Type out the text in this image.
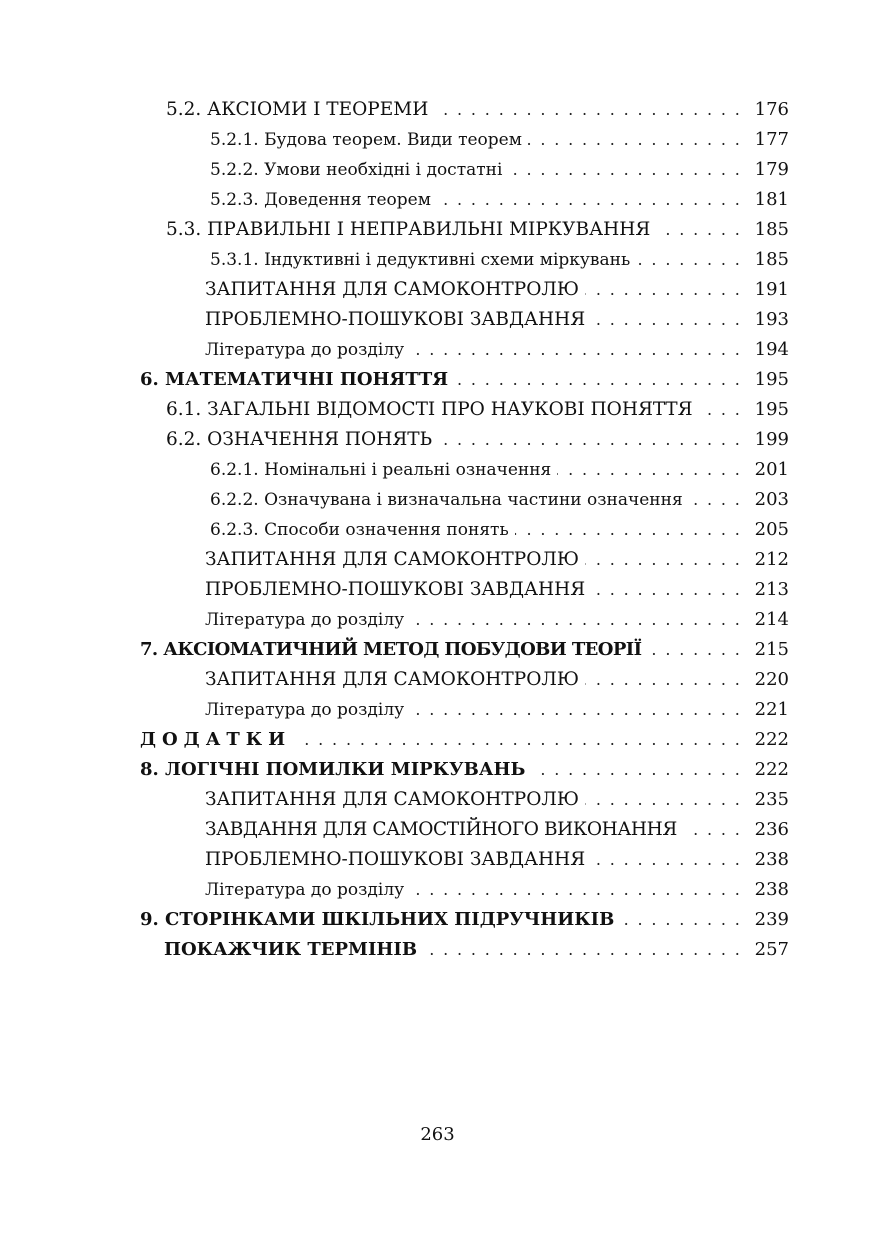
5.2. АКСІОМИ І ТЕОРЕМИ .....	176
5.2.1. Будова теорем. Види теорем .....	177
5.2.2. Умови необхідні і достатні .....	179
5.2.3. Доведення теорем .....	181
5.3. ПРАВИЛЬНІ І НЕПРАВИЛЬНІ МІРКУВАННЯ .....	185
5.3.1. Індуктивні і дедуктивні схеми міркувань .....	185
ЗАПИТАННЯ ДЛЯ САМОКОНТРОЛЮ .....	191
ПРОБЛЕМНО-ПОШУКОВІ ЗАВДАННЯ .....	193
Література до розділу .....	194
6. МАТЕМАТИЧНІ ПОНЯТТЯ .....	195
6.1. ЗАГАЛЬНІ ВІДОМОСТІ ПРО НАУКОВІ ПОНЯТТЯ .....	195
6.2. ОЗНАЧЕННЯ ПОНЯТЬ .....	199
6.2.1. Номінальні і реальні означення .....	201
6.2.2. Означувана і визначальна частини означення .....	203
6.2.3. Способи означення понять .....	205
ЗАПИТАННЯ ДЛЯ САМОКОНТРОЛЮ .....	212
ПРОБЛЕМНО-ПОШУКОВІ ЗАВДАННЯ .....	213
Література до розділу .....	214
7. АКСІОМАТИЧНИЙ МЕТОД ПОБУДОВИ ТЕОРІЇ .....	215
ЗАПИТАННЯ ДЛЯ САМОКОНТРОЛЮ .....	220
Література до розділу .....	221
ДОДАТКИ .....	222
8. ЛОГІЧНІ ПОМИЛКИ МІРКУВАНЬ .....	222
ЗАПИТАННЯ ДЛЯ САМОКОНТРОЛЮ .....	235
ЗАВДАННЯ ДЛЯ САМОСТІЙНОГО ВИКОНАННЯ .....	236
ПРОБЛЕМНО-ПОШУКОВІ ЗАВДАННЯ .....	238
Література до розділу .....	238
9. СТОРІНКАМИ ШКІЛЬНИХ ПІДРУЧНИКІВ .....	239
ПОКАЖЧИК ТЕРМІНІВ .....	257
263
